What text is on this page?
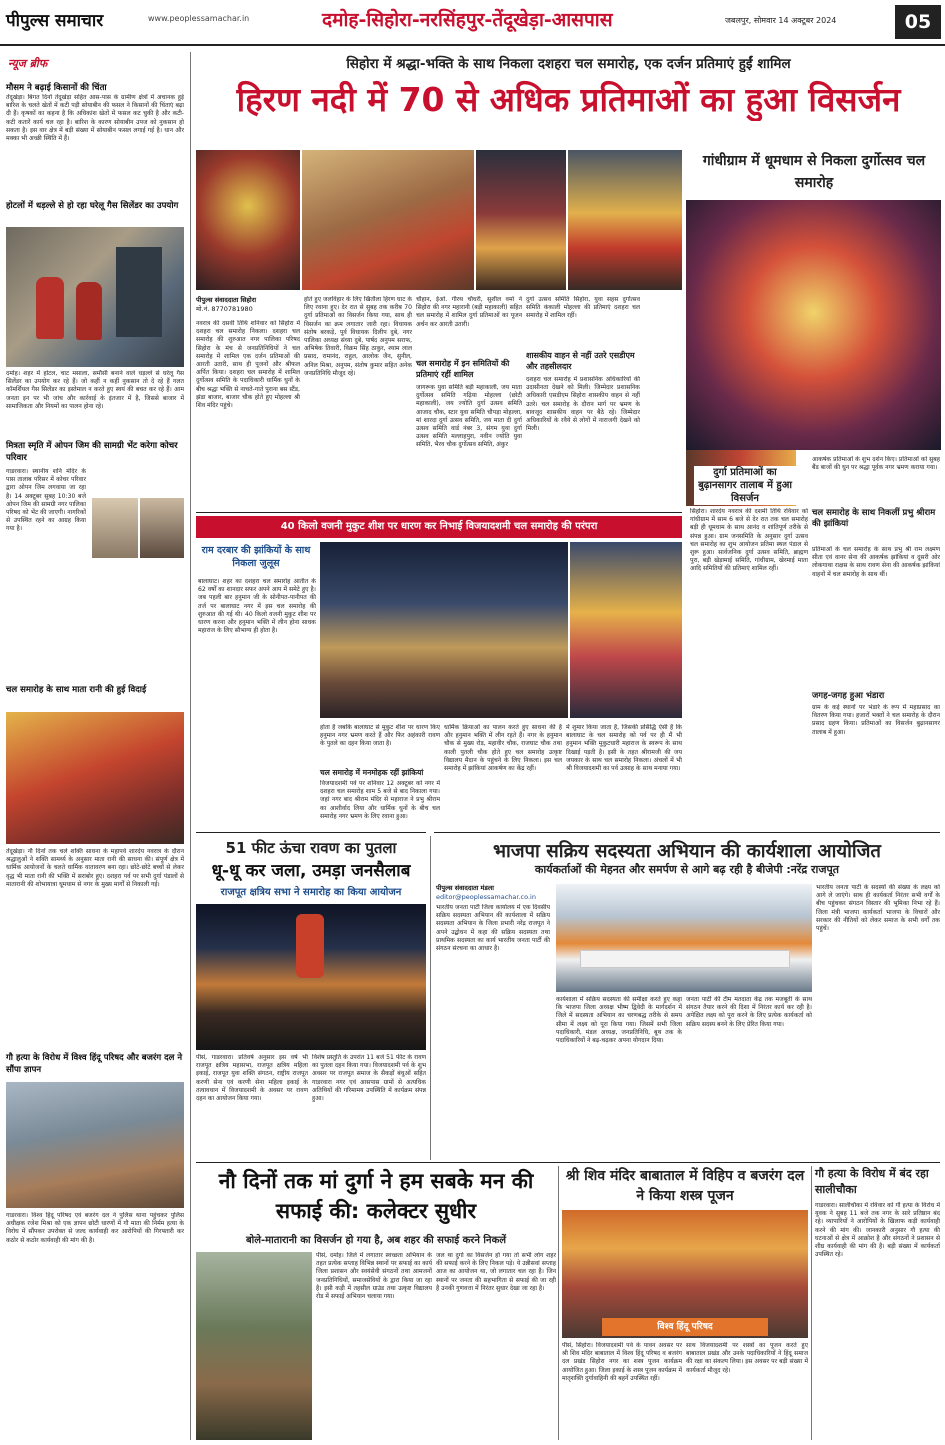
पीपुल्स समाचार	www.peoplessamachar.in	दमोह-सिहोरा-नरसिंहपुर-तेंदूखेड़ा-आसपास	जबलपुर, सोमवार 14 अक्टूबर 2024	05
न्यूज ब्रीफ
मौसम ने बढ़ाई किसानों की चिंता
तेंदूखेड़ा। बिगत दिनों तेंदूखेड़ा सहित आस-पास के ग्रामीण क्षेत्रों में अचानक हुई बारिश के चलते खेतों में कटी पड़ी सोयाबीन की फसल ने किसानों की चिंताएं बढ़ा दी हैं। कृषकों का कहना है कि अधिकांश खेतों में फसल कट चुकी है और कटी-कटी कतारें कार्य चल रहा है। बारिश के कारण सोयाबीन उपज को नुकसान हो सकता है। इस वार क्षेत्र में बड़ी संख्या में सोयाबीन फसल लगाई गई है। धान और मक्का भी अच्छी स्थिति में हैं।
होटलों में धड़ल्ले से हो रहा घरेलू गैस सिलेंडर का उपयोग
दमोह। शहर में होटल, चाट मसाला, समौसी बनाने वाले धड़ल्ले से घरेलू गैस सिलेंडर का उपयोग कर रहे हैं। जो कहीं न कहीं नुकसान तो दे रहे हैं गलत कॉमर्शियल गैस सिलेंडर का इस्तेमाल न करते हुए स्वयं की बचत कर रहे हैं। आम जनता इन पर भी जांच और कार्रवाई के इंतजार में है, जिससे बाजार में सामाजिकता और नियमों का पालन होना रहे।
मित्रता स्मृति में ओपन जिम की सामग्री भेंट करेगा कोचर परिवार
गाडरवारा। स्थानीय शनि मंदिर के पास तालाब परिसर में कोचर परिवार द्वारा ओपन जिम लगवाया जा रहा है। 14 अक्टूबर सुबह 10:30 बजे ओपन जिम की सामग्री नगर पालिका परिषद को भेंट की जाएगी। नागरिकों से उपस्थित रहने का आग्रह किया गया है।
चल समारोह के साथ माता रानी की हुई विदाई
तेंदूखेड़ा। नौ दिनों तक चले शक्ति साधना के महापर्व शारदेय नवरात्र के दौरान श्रद्धालुओं ने शक्ति सामर्थ्य के अनुसार माता रानी की साधना की। संपूर्ण क्षेत्र में धार्मिक आयोजनों के चलते धार्मिक वातावरण बना रहा। छोटे-छोटे बच्चों से लेकर वृद्ध भी माता रानी की भक्ति में सराबोर हुए। दशहरा पर्व पर सभी दुर्गा पंडालों से मातारानी की शोभायात्रा धूमधाम से नगर के मुख्य मार्गों से निकाली गई।
गौ हत्या के विरोध में विश्व हिंदू परिषद और बजरंग दल ने सौंपा ज्ञापन
गाडरवारा। विश्व हिंदू परिषद एवं बजरंग दल ने पुलिस थाना पहुंचकर पुलिस अधीक्षक रजेश मिश्रा को एक ज्ञापन छोटी धारणों में गौ माता की निर्मम हत्या के विरोध में सौंपकर उपरोक्त से जल्द कार्यवाही कर आरोपियों की गिरफ्तारी कर कठोर से कठोर कार्यवाही की मांग की है।
सिहोरा में श्रद्धा-भक्ति के साथ निकला दशहरा चल समारोह, एक दर्जन प्रतिमाएं हुईं शामिल
हिरण नदी में 70 से अधिक प्रतिमाओं का हुआ विसर्जन
पीपुल्स संवाददाता सिहोरा
मो.नं. 8770781980
नवरात्र की दसवीं तिथि शनिवार को सिहोरा में दशहरा चल समारोह निकला। दशहरा चल समारोह की शुरुआत नगर पालिका परिषद सिहोरा के मंच से जनप्रतिनिधियों ने चल समारोह में शामिल एक दर्जन प्रतिमाओं की आरती उतारी, साथ ही पूजनों और श्रीफल अर्पित किया। दशहरा चल समारोह में शामिल दुर्गोत्सव समिति के पदाधिकारी धार्मिक धुनों के बीच श्रद्धा भक्ति से नाचते-गाते पुराना बस स्टैंड, झंडा बाजार, बाजार चौक होते हुए मोहल्ला श्री शिव मंदिर पहुंचे।
होते हुए जलविहार के लिए खितौला हिरण घाट के लिए रवाना हुए। देर रात से सुबह तक करीब 70 दुर्गा प्रतिमाओं का विसर्जन किया गया, साथ ही विसर्जन का क्रम लगातार जारी रहा। विधायक संतोष बरकड़े, पूर्व विधायक दिलीप दुबे, नगर पालिका अध्यक्ष संध्या दुबे, पार्षद अनुपम सराफ, अभिषेक तिवारी, विक्रम सिंह ठाकुर, श्याम लाल प्रसाद, रामानंद, राहुल, आलोक जैन, सुनील, अनिल मिश्रा, अनुपम, संतोष कुमार सहित अनेक जनप्रतिनिधि मौजूद रहे।
चौहान, ईओ. गीरथ चौधरी, सुशील वर्मा ने सिहोरा की नगर महारानी (बड़ी महाकाली) सहित चल समारोह में शामिल दुर्गा प्रतिमाओं का पूजन अर्चन कर आरती उतारी।
चल समारोह में इन समितियों की प्रतिमाएं रहीं शामिल
जागरूक युवा समिति बड़ी महाकाली, जय माता दुर्गोत्सव समिति गढ़िया मोहल्ला (छोटी महाकाली), जय ज्योति दुर्गा उत्सव समिति आजाद चौक, स्टार युवा समिति चौपड़ा मोहल्ला, मां शारदा दुर्गा उत्सव समिति, जय माता दी दुर्गा उत्सव समिति वार्ड नंबर 3, संगम युवा दुर्गा उत्सव समिति मल्लाहपुरा, नवीन ज्योति युवा समिति, भैरव चौक दुर्गोत्सव समिति, अंकुर
दुर्गा उत्सव समिति सिहोरा, युवा सहस दुर्गोत्सव समिति कंकाली मोहल्ला की प्रतिमाएं दशहरा चल समारोह में शामिल रहीं।
शासकीय वाहन से नहीं उतरे एसडीएम और तहसीलदार
दशहरा चल समारोह में प्रशासनिक अधिकारियों की उदासीनता देखने को मिली। जिम्मेदार प्रशासनिक अधिकारी एसडीएम सिहोरा शासकीय वाहन से नहीं उतरे। चल समारोह के दौरान मार्ग पर भ्रमण के बावजूद शासकीय वाहन पर बैठे रहे। जिम्मेदार अधिकारियों के रवैये से लोगों में नाराजगी देखने को मिली।
गांधीग्राम में धूमधाम से निकला दुर्गोत्सव चल समारोह
आकर्षक प्रतिमाओं के शुभ दर्शन किए। प्रतिमाओं को सुबह बैंड बाजों की धुन पर श्रद्धा पूर्वक नगर भ्रमण कराया गया।
दुर्गा प्रतिमाओं का बुढ़ानसागर तालाब में हुआ विसर्जन
सिहोरा। शारदेय नवरात्र की दशमी तिथि रविवार को गांधीग्राम में साम 6 बजे से देर रात तक चल समारोह बड़ी ही धूमधाम के साथ आनंद व शांतिपूर्ण तरीके से संपन्न हुआ। ग्राम जनसमिति के अनुसार दुर्गा उत्सव चल समारोह का शुभ आयोजन प्रतिमा स्थल पंडाल से शुरू हुआ। सार्वजनिक दुर्गा उत्सव समिति, ब्राह्मण पुरा, बड़ी खेड़ामाई समिति, गांधीग्राम, खेरमाई माता आदि समितियों की प्रतिमाएं शामिल रहीं।
चल समारोह के साथ निकलीं प्रभु श्रीराम की झांकियां
प्रतिमाओं के चल समारोह के साथ प्रभु श्री राम लक्ष्मण सीता एवं वानर सेना की आकर्षक झांकियां व दूसरी ओर लोकगाथा राक्षस के साथ रावण सेना की आकर्षक झांकियां वाहनों में चल समारोह के साथ थीं।
जगह-जगह हुआ भंडारा
ग्राम के कई स्थानों पर भंडारे के रूप में महाप्रसाद का वितरण किया गया। हजारों भक्तों ने चल समारोह के दौरान प्रसाद ग्रहण किया। प्रतिमाओं का विसर्जन बुढ़ानसागर तालाब में हुआ।
40 किलो वजनी मुकुट शीश पर धारण कर निभाई विजयादशमी चल समारोह की परंपरा
राम दरबार की झांकियों के साथ निकला जुलूस
बालाघाट। शहर का दशहरा चल समारोह आतीत के 62 वर्षों का शानदार सफर अपने आप में समेटे हुए है। जब पहली बार हनुमान जी के सोनीपत-पानीपत की तर्ज पर बालाघाट नगर में इस चल समारोह की शुरुआत की गई थी। 40 किलो वजनी मुकुट शीश पर धारण करना और हनुमान भक्ति में लीन होना साधक महाराज के लिए सौभाग्य ही होता है।
होता है जबकि बालाघाट से मुकुट शीश पर धारण किए हनुमान नगर भ्रमण करते हैं और फिर अहंकारी रावण के पुतले का दहन किया जाता है।
चल समारोह में मनमोहक रहीं झांकियां
विजयादशमी पर्व पर शनिवार 12 अक्टूबर को नगर में दशहरा चल समारोह शाम 5 बजे से बाद निकाला गया। जहां नगर बाद श्रीराम मंदिर से महाराज ने प्रभु श्रीराम का आशीर्वाद लिया और धार्मिक धुनों के बीच चल समारोह नगर भ्रमण के लिए रवाना हुआ।
धार्मिक क्रियाओं का पालन करते हुए साधना की है और हनुमान भक्ति में लीन रहते हैं। नगर के हनुमान चौक से मुख्य रोड, महावीर चौक, राजघाट चौक तथा काली पुतली चौक होते हुए चल समारोह उत्कृष्ट विद्यालय मैदान के पहुंचने के लिए निकला। इस चल समारोह में झांकियां आकर्षण का केंद्र रहीं।
में शुमार किया जाता है, जिसकी प्रसिद्धि ऐसी है कि बालाघाट के चल समारोह को पर्व पर ही मैं भी हनुमान भक्ति मुकुटधारी महाराज के स्वरूप के साथ दिखाई पड़ती है। इसी के तहत श्रीरामजी की जय जयकार के साथ चल समारोह निकला। अंचलों में भी श्री विजयादशमी का पर्व उत्साह के साथ मनाया गया।
51 फीट ऊंचा रावण का पुतला
धू-धू कर जला, उमड़ा जनसैलाब
राजपूत क्षत्रिय सभा ने समारोह का किया आयोजन
पीसं, गाडरवारा। प्रतिवर्ष अनुसार इस वर्ष भी राजपूत क्षत्रिय महासभा, राजपूत क्षत्रिय महिला इकाई, राजपूत युवा शक्ति संगठन, राष्ट्रीय राजपूत करणी सेना एवं करणी सेना महिला इकाई के तत्वावधान में विजयादशमी के अवसर पर रावण दहन का आयोजन किया गया।
विशेष प्रस्तुति के उपरांत 11 बजे 51 फीट के रावण का पुतला दहन किया गया। विजयादशमी पर्व के शुभ अवसर पर राजपूत समाज के सैकड़ों बंधुओं सहित गाडरवारा नगर एवं आसपास ग्रामों से अत्यधिक अतिथियों की गरिमामय उपस्थिति में कार्यक्रम संपन्न हुआ।
भाजपा सक्रिय सदस्यता अभियान की कार्यशाला आयोजित
कार्यकर्ताओं की मेहनत और समर्पण से आगे बढ़ रही है बीजेपी :नरेंद्र राजपूत
पीपुल्स संवाददाता मंडला
editor@peoplessamachar.co.in
भारतीय जनता पार्टी जिला कार्यालय में एक दिवसीय सक्रिय सदस्यता अभियान की कार्यशाला में सक्रिय सदस्यता अभियान के जिला प्रभारी नरेंद्र राजपूत ने अपने उद्बोधन में कहा की सक्रिय सदस्यता तथा प्राथमिक सदस्यता का कार्य भारतीय जनता पार्टी की संगठन संरचना का आधार है।
कार्यशाला में सक्रिय सदस्यता की समीक्षा करते हुए कहा कि भाजपा जिला अध्यक्ष भीष्म द्विवेदी के मार्गदर्शन में जिले में सदस्यता अभियान का चरणबद्ध तरीके से समय सीमा में लक्ष्य को पूरा किया गया। जिसमें सभी जिला पदाधिकारी, मंडल अध्यक्ष, जनप्रतिनिधि, बूथ तक के पदाधिकारियों ने बढ़-चढ़कर अपना योगदान दिया।
जनता पार्टी की टीम मतदाता केंद्र तक मजबूती के साथ संगठन तैयार करने की दिशा में निरंतर कार्य कर रही है। अपेक्षित लक्ष्य को पूरा करने के लिए प्रत्येक कार्यकर्ता को सक्रिय सदस्य बनने के लिए प्रेरित किया गया।
भारतीय जनता पार्टी के सदस्यों की संख्या के लक्ष्य को आगे ले जाएंगे। साथ ही कार्यकर्ता निरंतर सभी वर्गों के बीच पहुंचकर संगठन विस्तार की भूमिका निभा रहे हैं। जिला मंत्री भाजपा कार्यकर्ता भाजपा के विचारों और सरकार की नीतियों को लेकर समाज के सभी वर्गों तक पहुंचें।
नौ दिनों तक मां दुर्गा ने हम सबके मन की सफाई की: कलेक्टर सुधीर
बोले-मातारानी का विसर्जन हो गया है, अब शहर की सफाई करने निकलें
पीसं, दमोह। जिले में लगातार स्वच्छता अभियान के तहत प्रत्येक सप्ताह विभिन्न स्थानों पर सफाई का कार्य जिला प्रशासन और स्वयंसेवी संगठनों तथा आमजनों जनप्रतिनिधियों, समाजसेवियों के द्वारा किया जा रहा है। इसी कड़ी में तहसील ग्राउंड तथा उत्कृष्ट विद्यालय रोड में सफाई अभियान चलाया गया।
जल था दुर्गा का विसर्जन हो गया तो सभी लोग शहर की सफाई करने के लिए निकल पड़े। ये उन्नीसवां सप्ताह आज का आयोजन था, जो लगातार चल रहा है। जिन स्थानों पर जनता की सहभागिता से सफाई की जा रही है उनकी गुणवत्ता में निरंतर सुधार देखा जा रहा है।
श्री शिव मंदिर बाबाताल में विहिप व बजरंग दल ने किया शस्त्र पूजन
विश्व हिंदू परिषद
पीसं, सिहोरा। विजयादशमी पर्व के पावन अवसर पर श्री शिव मंदिर बाबाताल में विश्व हिंदू परिषद व बजरंग दल प्रखंड सिहोरा नगर का शस्त्र पूजन कार्यक्रम आयोजित हुआ। जिला इकाई के शस्त्र पूजन कार्यक्रम में मातृशक्ति दुर्गावाहिनी की बहनें उपस्थित रहीं।
साथ विजयादशमी पर शस्त्रों का पूजन करते हुए बाबाताल प्रखंड और उनके पदाधिकारियों ने हिंदू समाज की रक्षा का संकल्प लिया। इस अवसर पर बड़ी संख्या में कार्यकर्ता मौजूद रहे।
गौ हत्या के विरोध में बंद रहा सालीचौका
गाडरवारा। सालीचौका में रविवार को गौ हत्या के विरोध में युवक ने सुबह 11 बजे तक नगर के सारे प्रतिष्ठान बंद रहे। व्यापारियों ने आरोपियों के खिलाफ कड़ी कार्यवाही करने की मांग की। जानकारी अनुसार गौ हत्या की घटनाओं से क्षेत्र में आक्रोश है और संगठनों ने प्रशासन से शीघ्र कार्यवाही की मांग की है। बड़ी संख्या में कार्यकर्ता उपस्थित रहे।
